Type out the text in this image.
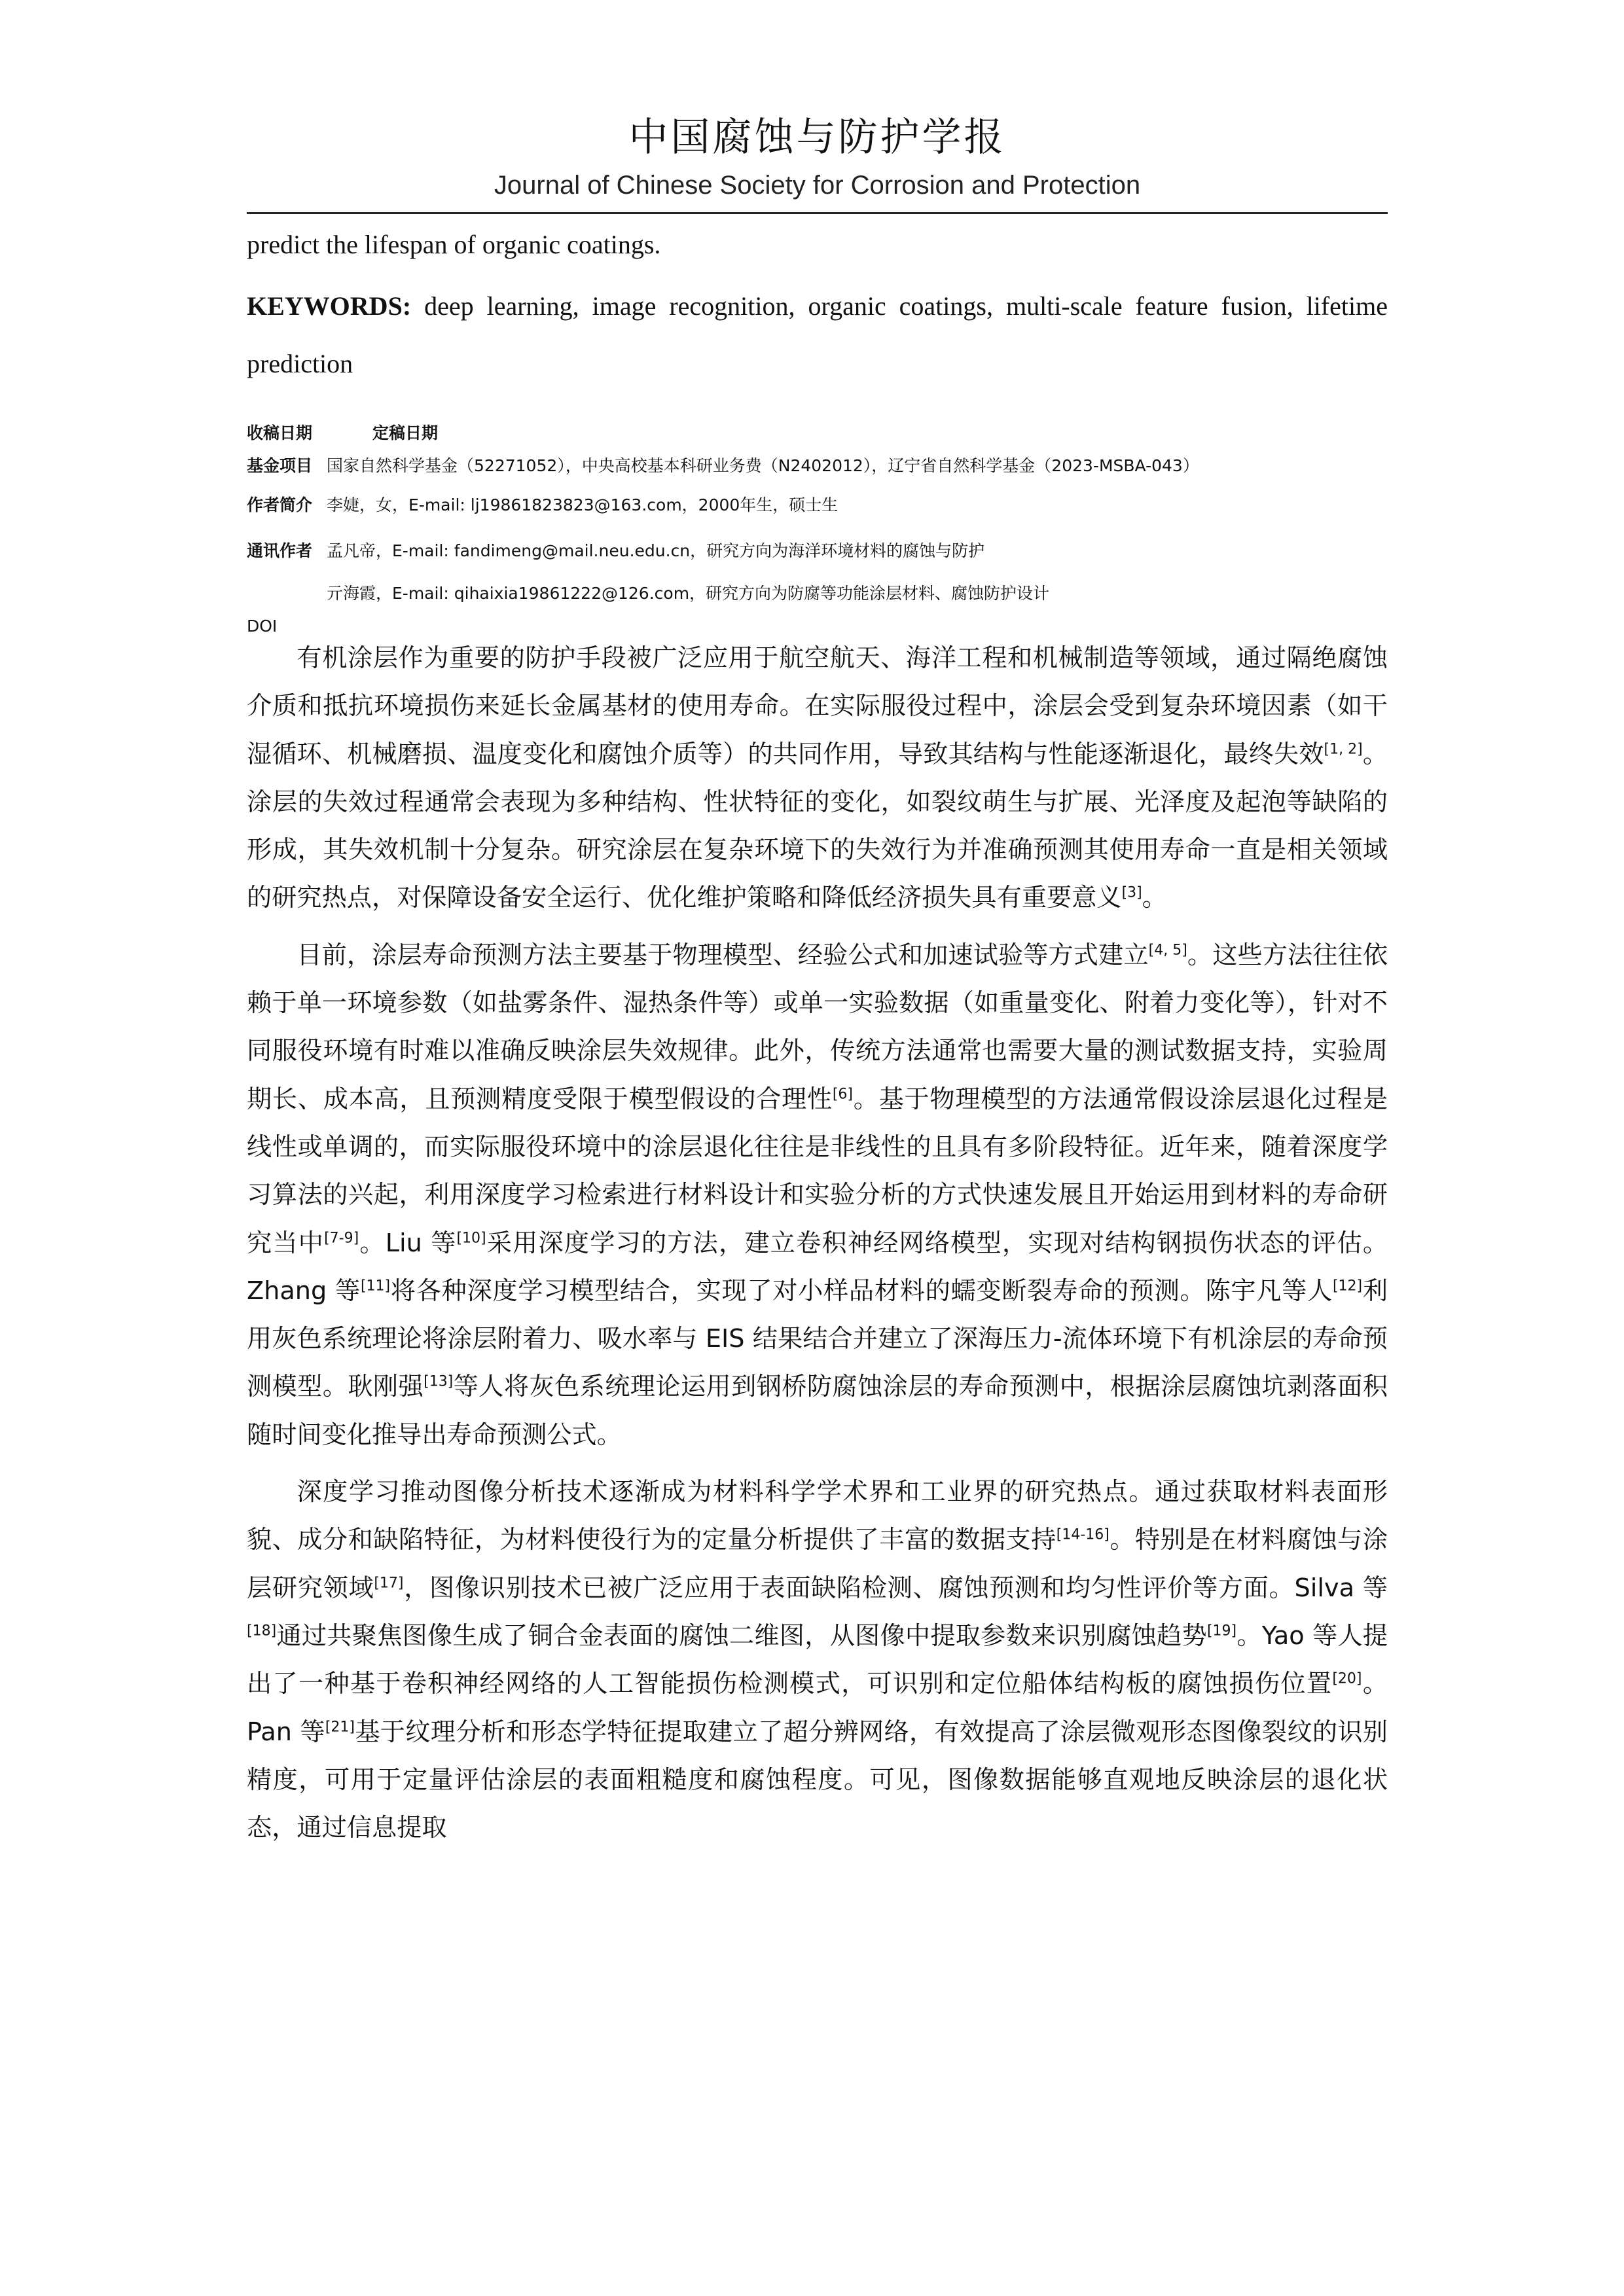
中国腐蚀与防护学报
Journal of Chinese Society for Corrosion and Protection
predict the lifespan of organic coatings.
KEYWORDS: deep learning, image recognition, organic coatings, multi-scale feature fusion, lifetime prediction
收稿日期	定稿日期
基金项目 国家自然科学基金（52271052），中央高校基本科研业务费（N2402012），辽宁省自然科学基金（2023-MSBA-043）
作者简介 李婕，女，E-mail: lj19861823823@163.com，2000年生，硕士生
通讯作者 孟凡帝，E-mail: fandimeng@mail.neu.edu.cn，研究方向为海洋环境材料的腐蚀与防护
亓海霞，E-mail: qihaixia19861222@126.com，研究方向为防腐等功能涂层材料、腐蚀防护设计
DOI

有机涂层作为重要的防护手段被广泛应用于航空航天、海洋工程和机械制造等领域，通过隔绝腐蚀介质和抵抗环境损伤来延长金属基材的使用寿命。在实际服役过程中，涂层会受到复杂环境因素（如干湿循环、机械磨损、温度变化和腐蚀介质等）的共同作用，导致其结构与性能逐渐退化，最终失效[1, 2]。涂层的失效过程通常会表现为多种结构、性状特征的变化，如裂纹萌生与扩展、光泽度及起泡等缺陷的形成，其失效机制十分复杂。研究涂层在复杂环境下的失效行为并准确预测其使用寿命一直是相关领域的研究热点，对保障设备安全运行、优化维护策略和降低经济损失具有重要意义[3]。

目前，涂层寿命预测方法主要基于物理模型、经验公式和加速试验等方式建立[4, 5]。这些方法往往依赖于单一环境参数（如盐雾条件、湿热条件等）或单一实验数据（如重量变化、附着力变化等），针对不同服役环境有时难以准确反映涂层失效规律。此外，传统方法通常也需要大量的测试数据支持，实验周期长、成本高，且预测精度受限于模型假设的合理性[6]。基于物理模型的方法通常假设涂层退化过程是线性或单调的，而实际服役环境中的涂层退化往往是非线性的且具有多阶段特征。近年来，随着深度学习算法的兴起，利用深度学习检索进行材料设计和实验分析的方式快速发展且开始运用到材料的寿命研究当中[7-9]。Liu 等[10]采用深度学习的方法，建立卷积神经网络模型，实现对结构钢损伤状态的评估。Zhang 等[11]将各种深度学习模型结合，实现了对小样品材料的蠕变断裂寿命的预测。陈宇凡等人[12]利用灰色系统理论将涂层附着力、吸水率与 EIS 结果结合并建立了深海压力-流体环境下有机涂层的寿命预测模型。耿刚强[13]等人将灰色系统理论运用到钢桥防腐蚀涂层的寿命预测中，根据涂层腐蚀坑剥落面积随时间变化推导出寿命预测公式。

深度学习推动图像分析技术逐渐成为材料科学学术界和工业界的研究热点。通过获取材料表面形貌、成分和缺陷特征，为材料使役行为的定量分析提供了丰富的数据支持[14-16]。特别是在材料腐蚀与涂层研究领域[17]，图像识别技术已被广泛应用于表面缺陷检测、腐蚀预测和均匀性评价等方面。Silva 等[18]通过共聚焦图像生成了铜合金表面的腐蚀二维图，从图像中提取参数来识别腐蚀趋势[19]。Yao 等人提出了一种基于卷积神经网络的人工智能损伤检测模式，可识别和定位船体结构板的腐蚀损伤位置[20]。Pan 等[21]基于纹理分析和形态学特征提取建立了超分辨网络，有效提高了涂层微观形态图像裂纹的识别精度，可用于定量评估涂层的表面粗糙度和腐蚀程度。可见，图像数据能够直观地反映涂层的退化状态，通过信息提取
